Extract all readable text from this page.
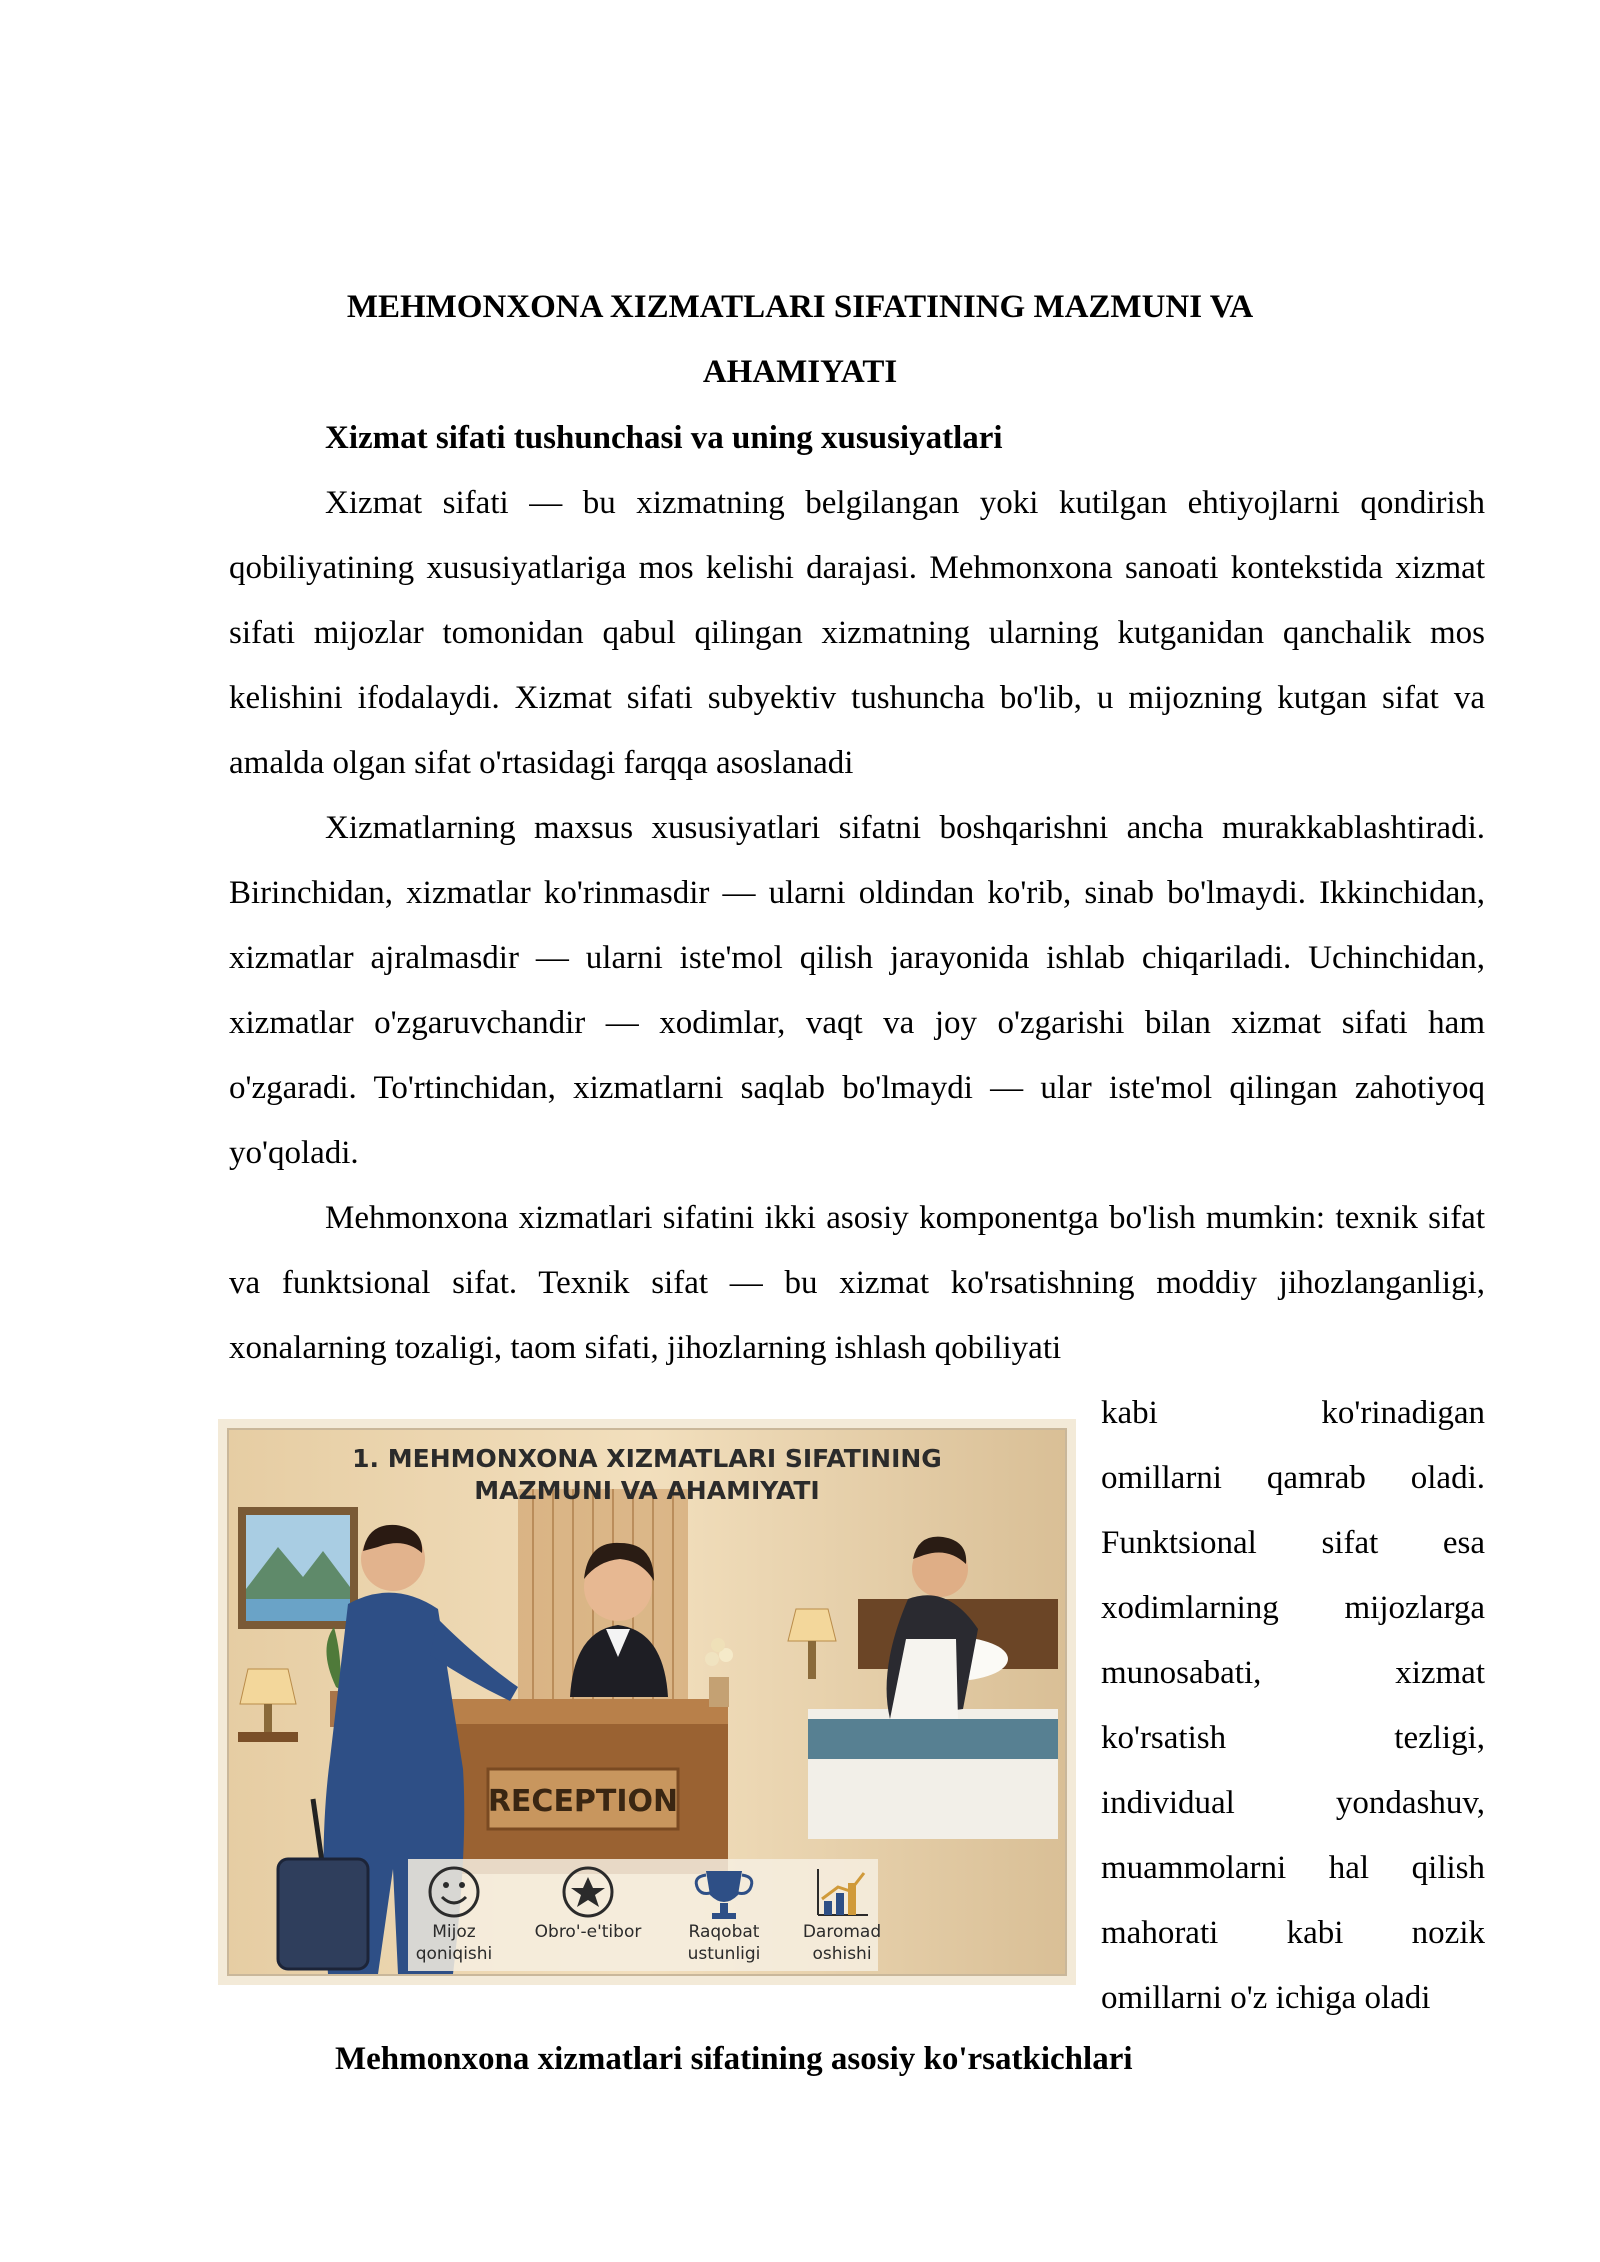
MEHMONXONA XIZMATLARI SIFATINING MAZMUNI VA
AHAMIYATI
Xizmat sifati tushunchasi va uning xususiyatlari

Xizmat sifati — bu xizmatning belgilangan yoki kutilgan ehtiyojlarni qondirish qobiliyatining xususiyatlariga mos kelishi darajasi. Mehmonxona sanoati kontekstida xizmat sifati mijozlar tomonidan qabul qilingan xizmatning ularning kutganidan qanchalik mos kelishini ifodalaydi. Xizmat sifati subyektiv tushuncha bo'lib, u mijozning kutgan sifat va amalda olgan sifat o'rtasidagi farqqa asoslanadi

Xizmatlarning maxsus xususiyatlari sifatni boshqarishni ancha murakkablashtiradi. Birinchidan, xizmatlar ko'rinmasdir — ularni oldindan ko'rib, sinab bo'lmaydi. Ikkinchidan, xizmatlar ajralmasdir — ularni iste'mol qilish jarayonida ishlab chiqariladi. Uchinchidan, xizmatlar o'zgaruvchandir — xodimlar, vaqt va joy o'zgarishi bilan xizmat sifati ham o'zgaradi. To'rtinchidan, xizmatlarni saqlab bo'lmaydi — ular iste'mol qilingan zahotiyoq yo'qoladi.

Mehmonxona xizmatlari sifatini ikki asosiy komponentga bo'lish mumkin: texnik sifat va funktsional sifat. Texnik sifat — bu xizmat ko'rsatishning moddiy jihozlanganligi, xonalarning tozaligi, taom sifati, jihozlarning ishlash qobiliyati

kabi ko'rinadigan
omillarni qamrab oladi.
Funktsional sifat esa
xodimlarning mijozlarga
munosabati, xizmat
ko'rsatish tezligi,
individual yondashuv,
muammolarni hal qilish
mahorati kabi nozik
omillarni o'z ichiga oladi
1. MEHMONXONA XIZMATLARI SIFATINING
MAZMUNI VA AHAMIYATI
RECEPTION
Mijoz
qoniqishi
Obro'-e'tibor	Raqobat
ustunligi
Daromad
oshishi
Mehmonxona xizmatlari sifatining asosiy ko'rsatkichlari
